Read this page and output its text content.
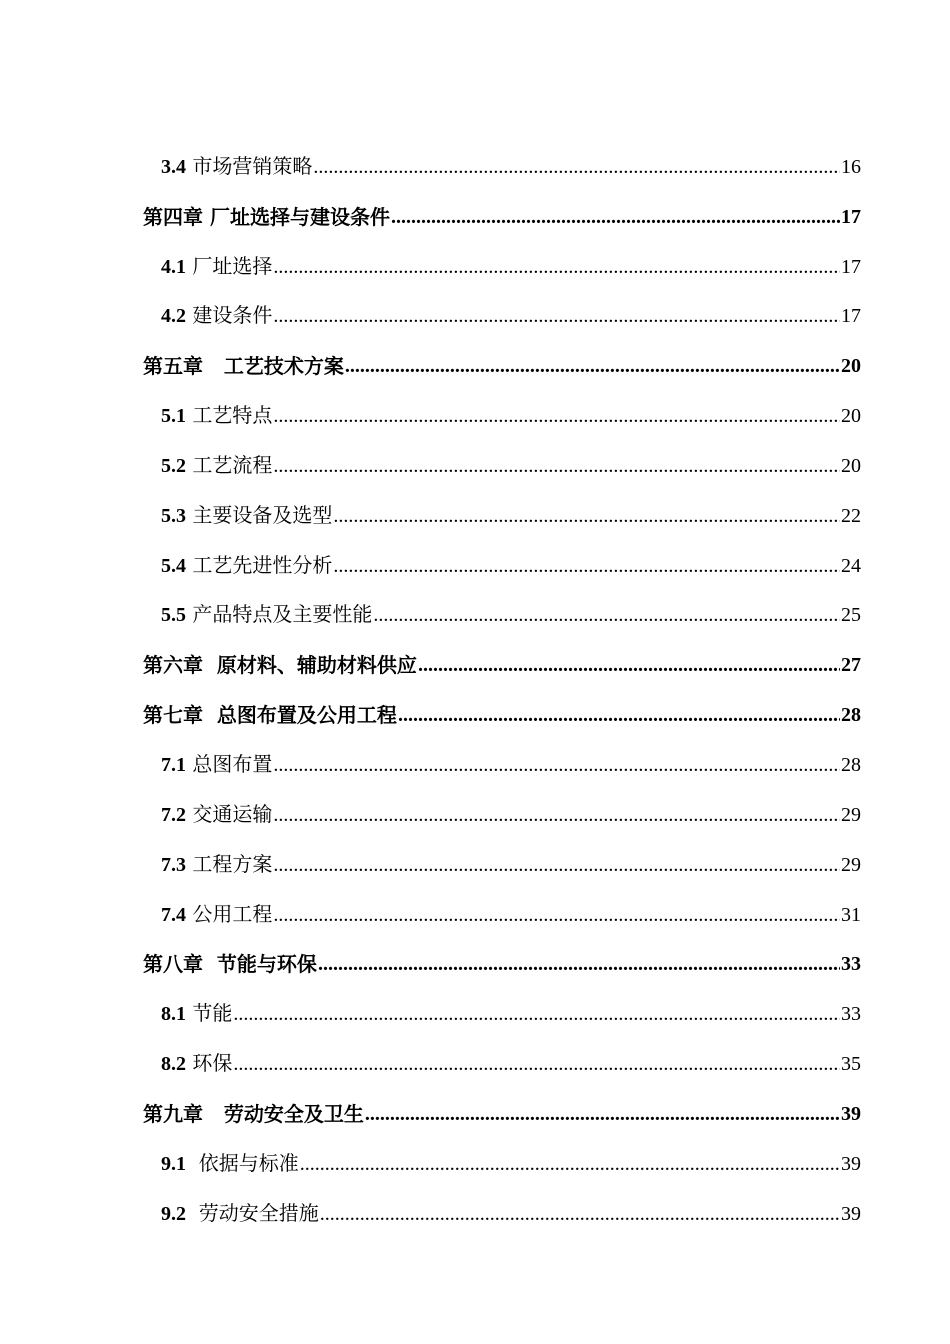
3.4 市场营销策略 .....	16
第四章 厂址选择与建设条件 .....	17
4.1 厂址选择 .....	17
4.2 建设条件 .....	17
第五章   工艺技术方案 .....	20
5.1 工艺特点 .....	20
5.2 工艺流程 .....	20
5.3 主要设备及选型 .....	22
5.4 工艺先进性分析 .....	24
5.5 产品特点及主要性能 .....	25
第六章  原材料、辅助材料供应 .....	27
第七章  总图布置及公用工程 .....	28
7.1 总图布置 .....	28
7.2 交通运输 .....	29
7.3 工程方案 .....	29
7.4 公用工程 .....	31
第八章  节能与环保 .....	33
8.1 节能 .....	33
8.2 环保 .....	35
第九章   劳动安全及卫生 .....	39
9.1  依据与标准 .....	39
9.2  劳动安全措施 .....	39
